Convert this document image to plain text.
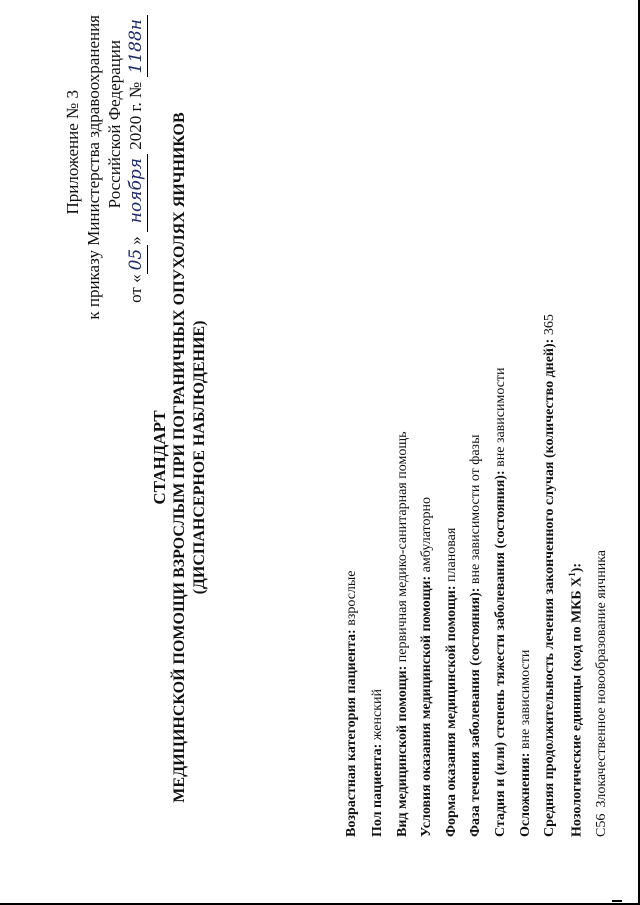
Приложение № 3 к приказу Министерства здравоохранения Российской Федерации
от «05» ноября 2020 г. № 1188н
СТАНДАРТ МЕДИЦИНСКОЙ ПОМОЩИ ВЗРОСЛЫМ ПРИ ПОГРАНИЧНЫХ ОПУХОЛЯХ ЯИЧНИКОВ (ДИСПАНСЕРНОЕ НАБЛЮДЕНИЕ)
Возрастная категория пациента: взрослые
Пол пациента: женский Вид медицинской помощи: первичная медико-санитарная помощь
Условия оказания медицинской помощи: амбулаторно
Форма оказания медицинской помощи: плановая
Фаза течения заболевания (состояния): вне зависимости от фазы Стадия и (или) степень тяжести заболевания (состояния): вне зависимости
Осложнения: вне зависимости Средняя продолжительность лечения законченного случая (количество дней): 365
Нозологические единицы (код по МКБ $X^1$):
C56 Злокачественное новообразование яичника
